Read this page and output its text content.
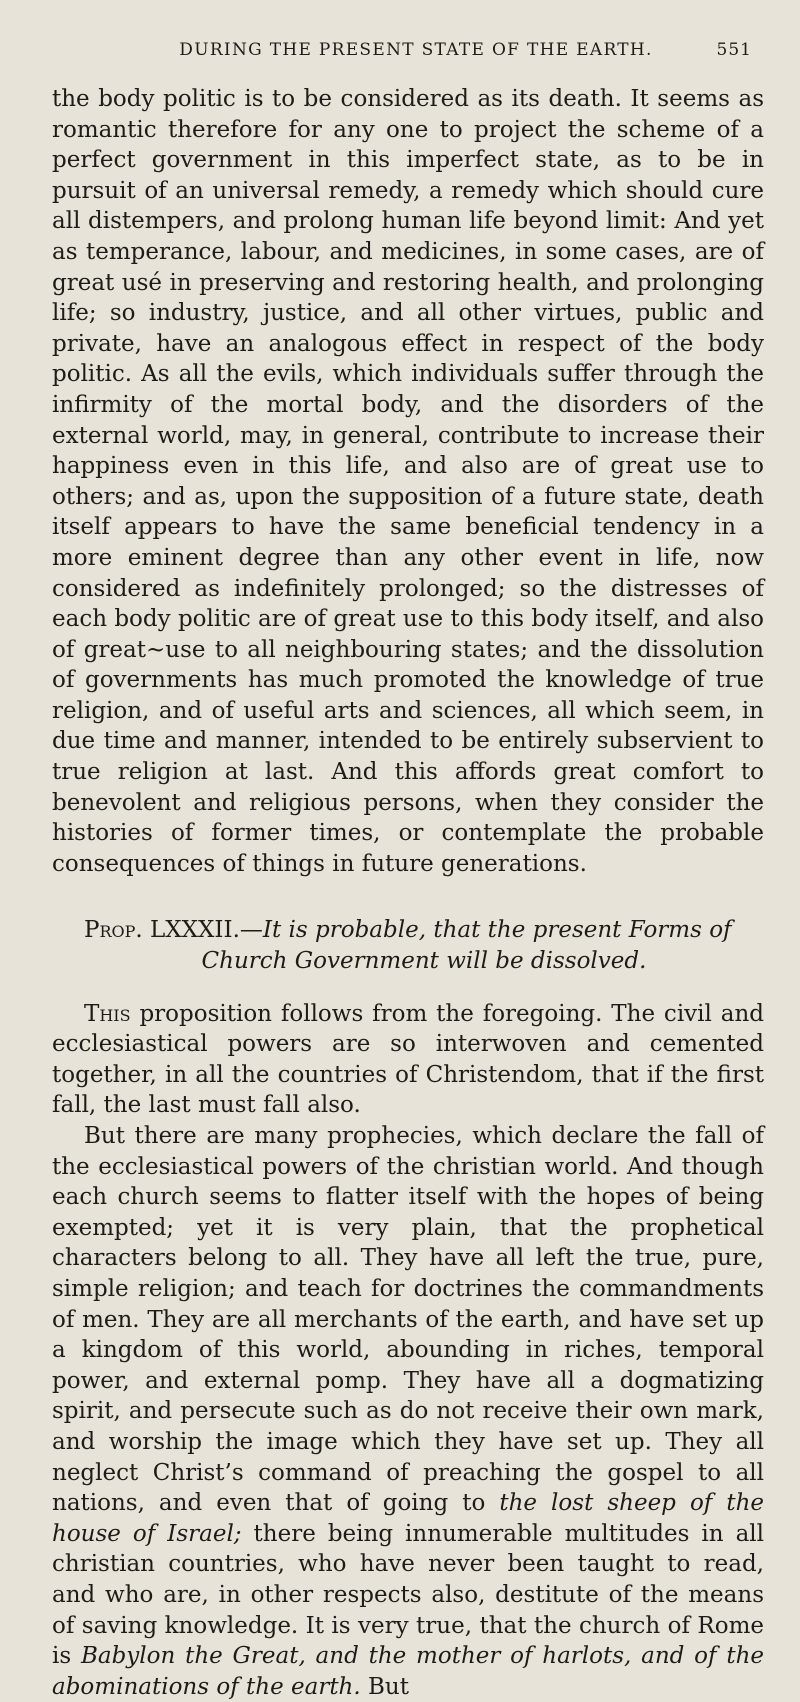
DURING THE PRESENT STATE OF THE EARTH.	551

the body politic is to be considered as its death. It seems as romantic therefore for any one to project the scheme of a perfect government in this imperfect state, as to be in pursuit of an universal remedy, a remedy which should cure all distempers, and prolong human life beyond limit: And yet as temperance, labour, and medicines, in some cases, are of great usé in preserving and restoring health, and prolonging life; so industry, justice, and all other virtues, public and private, have an analogous effect in respect of the body politic. As all the evils, which individuals suffer through the infirmity of the mortal body, and the disorders of the external world, may, in general, contribute to increase their happiness even in this life, and also are of great use to others; and as, upon the supposition of a future state, death itself appears to have the same beneficial tendency in a more eminent degree than any other event in life, now considered as indefinitely prolonged; so the distresses of each body politic are of great use to this body itself, and also of great~use to all neighbouring states; and the dissolution of governments has much promoted the knowledge of true religion, and of useful arts and sciences, all which seem, in due time and manner, intended to be entirely subservient to true religion at last. And this affords great comfort to benevolent and religious persons, when they consider the histories of former times, or contemplate the probable consequences of things in future generations.

Prop. LXXXII.—It is probable, that the present Forms of
Church Government will be dissolved.

This proposition follows from the foregoing. The civil and ecclesiastical powers are so interwoven and cemented together, in all the countries of Christendom, that if the first fall, the last must fall also.

But there are many prophecies, which declare the fall of the ecclesiastical powers of the christian world. And though each church seems to flatter itself with the hopes of being exempted; yet it is very plain, that the prophetical characters belong to all. They have all left the true, pure, simple religion; and teach for doctrines the commandments of men. They are all merchants of the earth, and have set up a kingdom of this world, abounding in riches, temporal power, and external pomp. They have all a dogmatizing spirit, and persecute such as do not receive their own mark, and worship the image which they have set up. They all neglect Christ’s command of preaching the gospel to all nations, and even that of going to the lost sheep of the house of Israel; there being innumerable multitudes in all christian countries, who have never been taught to read, and who are, in other respects also, destitute of the means of saving knowledge. It is very true, that the church of Rome is Babylon the Great, and the mother of harlots, and of the abominations of the earth. But
